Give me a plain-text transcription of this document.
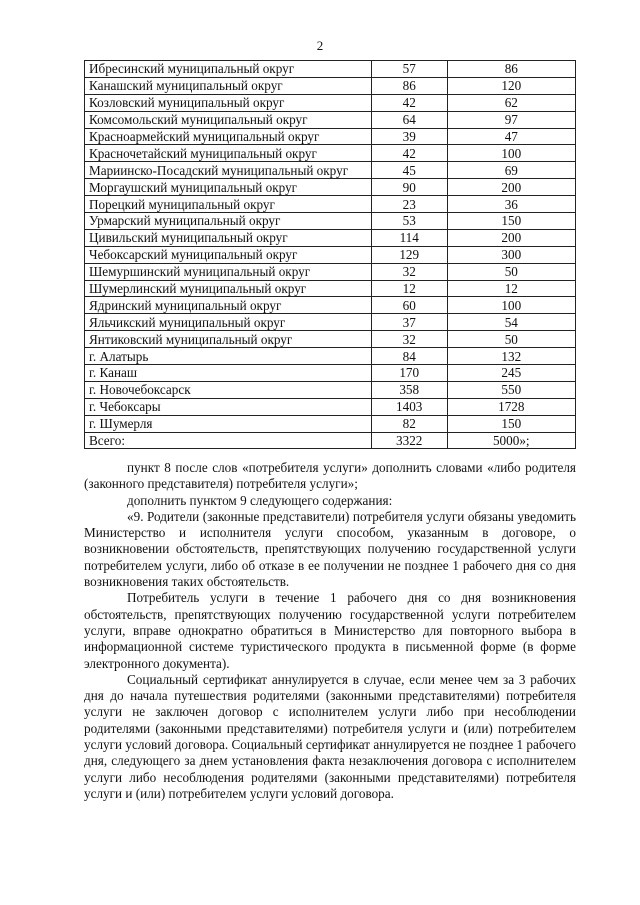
2
Ибресинский муниципальный округ	57	86
Канашский муниципальный округ	86	120
Козловский муниципальный округ	42	62
Комсомольский муниципальный округ	64	97
Красноармейский муниципальный округ	39	47
Красночетайский муниципальный округ	42	100
Мариинско-Посадский муниципальный округ	45	69
Моргаушский муниципальный округ	90	200
Порецкий муниципальный округ	23	36
Урмарский муниципальный округ	53	150
Цивильский муниципальный округ	114	200
Чебоксарский муниципальный округ	129	300
Шемуршинский муниципальный округ	32	50
Шумерлинский муниципальный округ	12	12
Ядринский муниципальный округ	60	100
Яльчикский муниципальный округ	37	54
Янтиковский муниципальный округ	32	50
г. Алатырь	84	132
г. Канаш	170	245
г. Новочебоксарск	358	550
г. Чебоксары	1403	1728
г. Шумерля	82	150
Всего:	3322	5000»;

пункт 8 после слов «потребителя услуги» дополнить словами «либо родителя (законного представителя) потребителя услуги»;

дополнить пунктом 9 следующего содержания:

«9. Родители (законные представители) потребителя услуги обязаны уведомить Министерство и исполнителя услуги способом, указанным в договоре, о возникновении обстоятельств, препятствующих получению государственной услуги потребителем услуги, либо об отказе в ее получении не позднее 1 рабочего дня со дня возникновения таких обстоятельств.

Потребитель услуги в течение 1 рабочего дня со дня возникновения обстоятельств, препятствующих получению государственной услуги потребителем услуги, вправе однократно обратиться в Министерство для повторного выбора в информационной системе туристического продукта в письменной форме (в форме электронного документа).

Социальный сертификат аннулируется в случае, если менее чем за 3 рабочих дня до начала путешествия родителями (законными представителями) потребителя услуги не заключен договор с исполнителем услуги либо при несоблюдении родителями (законными представителями) потребителя услуги и (или) потребителем услуги условий договора. Социальный сертификат аннулируется не позднее 1 рабочего дня, следующего за днем установления факта незаключения договора с исполнителем услуги либо несоблюдения родителями (законными представителями) потребителя услуги и (или) потребителем услуги условий договора.
